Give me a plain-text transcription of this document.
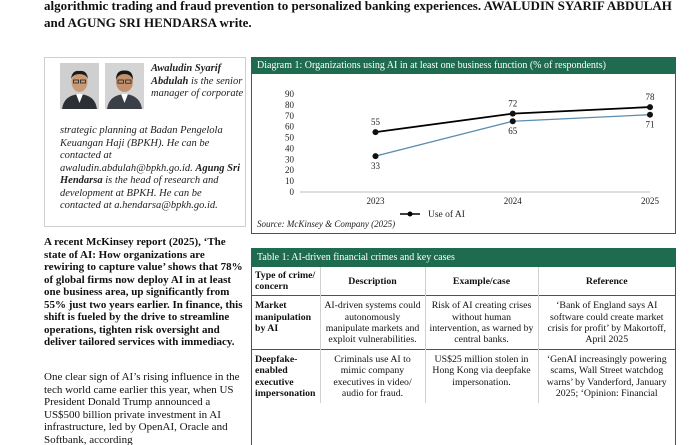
algorithmic trading and fraud prevention to personalized banking experiences. AWALUDIN SYARIF ABDULAH and AGUNG SRI HENDARSA write.
Awaludin Syarif Abdulah is the senior manager of corporate
strategic planning at Badan Pengelola Keuangan Haji (BPKH). He can be contacted at awaludin.abdulah@bpkh.go.id. Agung Sri Hendarsa is the head of research and development at BPKH. He can be contacted at a.hendarsa@bpkh.go.id.
Diagram 1: Organizations using AI in at least one business function (% of respondents)
0
10
20
30
40
50
60
70
80
90
2023	2024	2025
55
72
78
33
65
71
Use of AI
Source: McKinsey & Company (2025)
A recent McKinsey report (2025), ‘The state of AI: How organizations are rewiring to capture value’ shows that 78% of global firms now deploy AI in at least one business area, up significantly from 55% just two years earlier. In finance, this shift is fueled by the drive to streamline operations, tighten risk oversight and deliver tailored services with immediacy.
One clear sign of AI’s rising influence in the tech world came earlier this year, when US President Donald Trump announced a US$500 billion private investment in AI infrastructure, led by OpenAI, Oracle and Softbank, according
Table 1: AI-driven financial crimes and key cases
Type of crime/ concern	Description	Example/case	Reference
Market manipulation by AI	AI-driven systems could autonomously manipulate markets and exploit vulnerabilities.	Risk of AI creating crises without human intervention, as warned by central banks.	‘Bank of England says AI software could create market crisis for profit’ by Makortoff, April 2025
Deepfake-enabled executive impersonation	Criminals use AI to mimic company executives in video/ audio for fraud.	US$25 million stolen in Hong Kong via deepfake impersonation.	‘GenAI increasingly powering scams, Wall Street watchdog warns’ by Vanderford, January 2025; ‘Opinion: Financial
